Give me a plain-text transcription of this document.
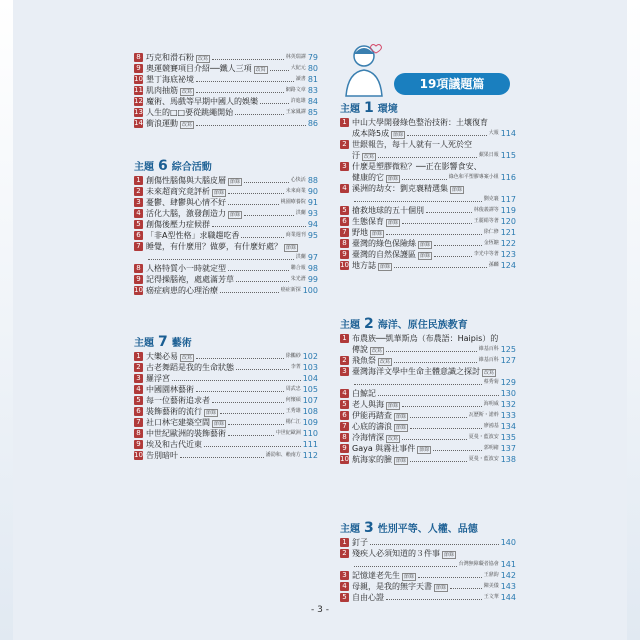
8 巧克和滑石粉 改寫	林英瑞譯 79
9 奧運競賽項目介紹──鐵人三項 改寫	大紀元 80
10 墾丁海底祕境	讀書 81
11 肌肉抽筋 改寫	網路文章 83
12 魔術、馬戲等早期中國人的娛樂	許進雄 84
13 人生的□□要從跳繩開始	王家鳳譯 85
14 衝浪運動 改寫	86
主題 6 綜合活動
1 創傷性腦傷與大腦皮層 節錄	心快活 88
2 未來超商究竟評析 節錄	未來商業 90
3 憂鬱、肆鬱與心情不好	桃園療養院 91
4 活化大腦，激發創造力 節錄	洪蘭 93
5 創傷後壓力症候群	94
6 「非A型性格」求職趨吃香	商業週刊 95
7 睡覺，有什麼用？做夢，有什麼好處？ 節錄
洪蘭 97
8 人格特質小一時就定型	聯合報 98
9 記得操腦袍，處處滿芳草	朱光潛 99
10 癌症病患的心理治療	癌症新探 100
主題 7 藝術
1 大樂必易 改寫	徐鵬紗 102
2 古老舞蹈是我的生命狀態	李菁 103
3 羅浮宮	104
4 中國園林藝術	周武忠 105
5 每一位藝術追求者	何懷碩 107
6 裝飾藝術的流行 節錄	王秀雄 108
7 社口林宅建築空間 節錄	楊仁江 109
8 中世紀歐洲的裝飾藝術	中世紀歐洲 110
9 埃及和古代近東	111
10 告別暗叶	潘劭和、賴南方 112
19項議題篇
主題 1 環境
1 中山大學開發綠色整治技術：土壤復育
成本降5成 節錄	大報 114
2 世銀報告，每十人就有一人死於空
汙 改寫	蘋果日報 115
3 什麼是塑膠微粒？──正在影響食安、
健康的它 節錄	綠色和平塑膠專案小組 116
4 溪洲的劫女：劉克襄精選集 節錄
劉克襄 117
5 搶救地球的五十個別	林俊義譯等 119
6 生態保育 節錄	王麗絹等著 120
7 野地 節錄	徐仁修 121
8 臺灣的綠色保險絲 節錄	金恆鑣 122
9 臺灣的自然保護區 節錄	李光中等著 123
10 地方誌 節錄	孫麟 124
主題 2 海洋、原住民族教育
1 布農族──凱華斯烏（布農語：Haipis）的
傳說 改寫	維基百科 125
2 飛魚祭 改寫	維基百科 127
3 臺灣海洋文學中生命主體意識之探討 改寫
蔡秀菊 129
4 白鯨記	130
5 老人與海 節錄	海明威 132
6 伊能再踏查 節錄	瓦歷斯・諾幹 133
7 心底的濤浪 節錄	廖鴻基 134
8 冷海情深 改寫	夏曼・藍波安 135
9 Gaya 與霧社事件 節錄	郭明緒 137
10 航海家的臉 節錄	夏曼・藍波安 138
主題 3 性別平等、人權、品德
1 釘子	140
2 殘疾人必須知道的３件事 節錄
台灣無障礙者協會 141
3 記憶達老先生 節錄	王鼎鈞 142
4 母親，是我的無字天書 節錄	陳美儀 143
5 自由心證	王文華 144
- 3 -
